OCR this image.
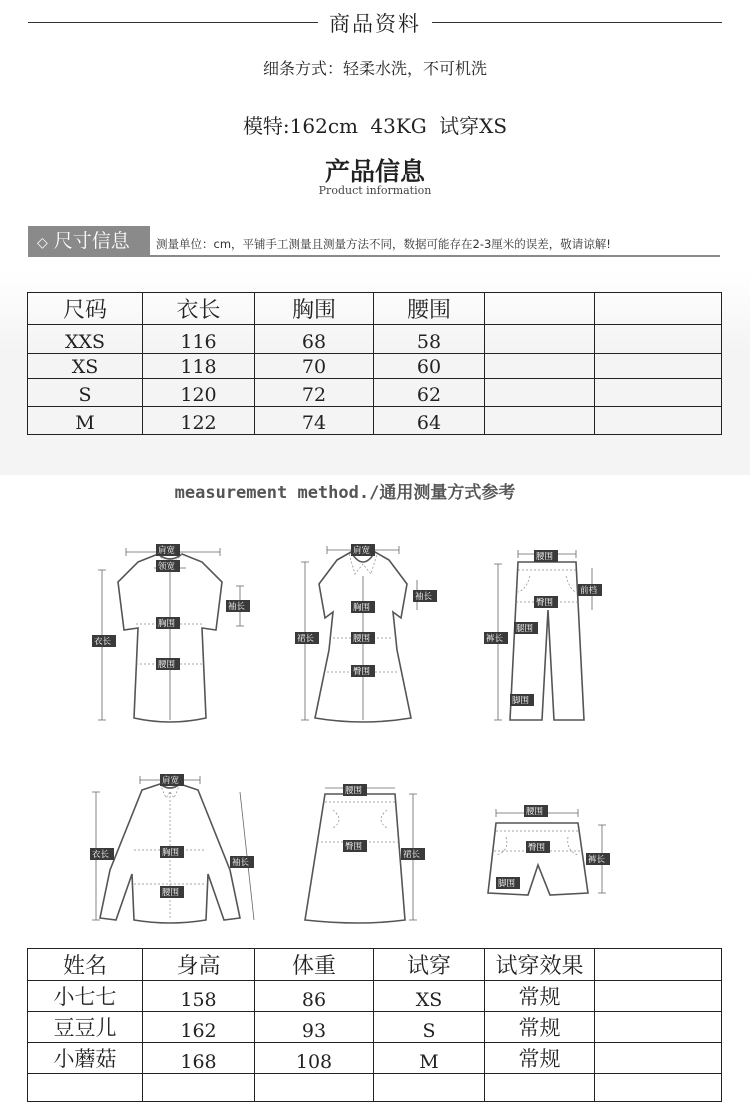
商品资料
细条方式：轻柔水洗，不可机洗
模特:162cm 43KG 试穿XS
产品信息
Product information
◇ 尺寸信息	测量单位：cm，平铺手工测量且测量方法不同，数据可能存在2-3厘米的误差，敬请谅解!
尺码	衣长	胸围	腰围		
XXS	116	68	58		
XS	118	70	60		
S	120	72	62		
M	122	74	64		
measurement method./通用测量方式参考
肩宽
领宽
袖长
衣长
胸围
腰围
肩宽
袖长
裙长
胸围
腰围
臀围
腰围
前档
裤长
臀围
腿围
脚围
肩宽
衣长	胸围
袖长
腰围
腰围
臀围
裙长
腰围
臀围
裤长
脚围
姓名	身高	体重	试穿	试穿效果	
小七七	158	86	XS	常规	
豆豆儿	162	93	S	常规	
小蘑菇	168	108	M	常规	
